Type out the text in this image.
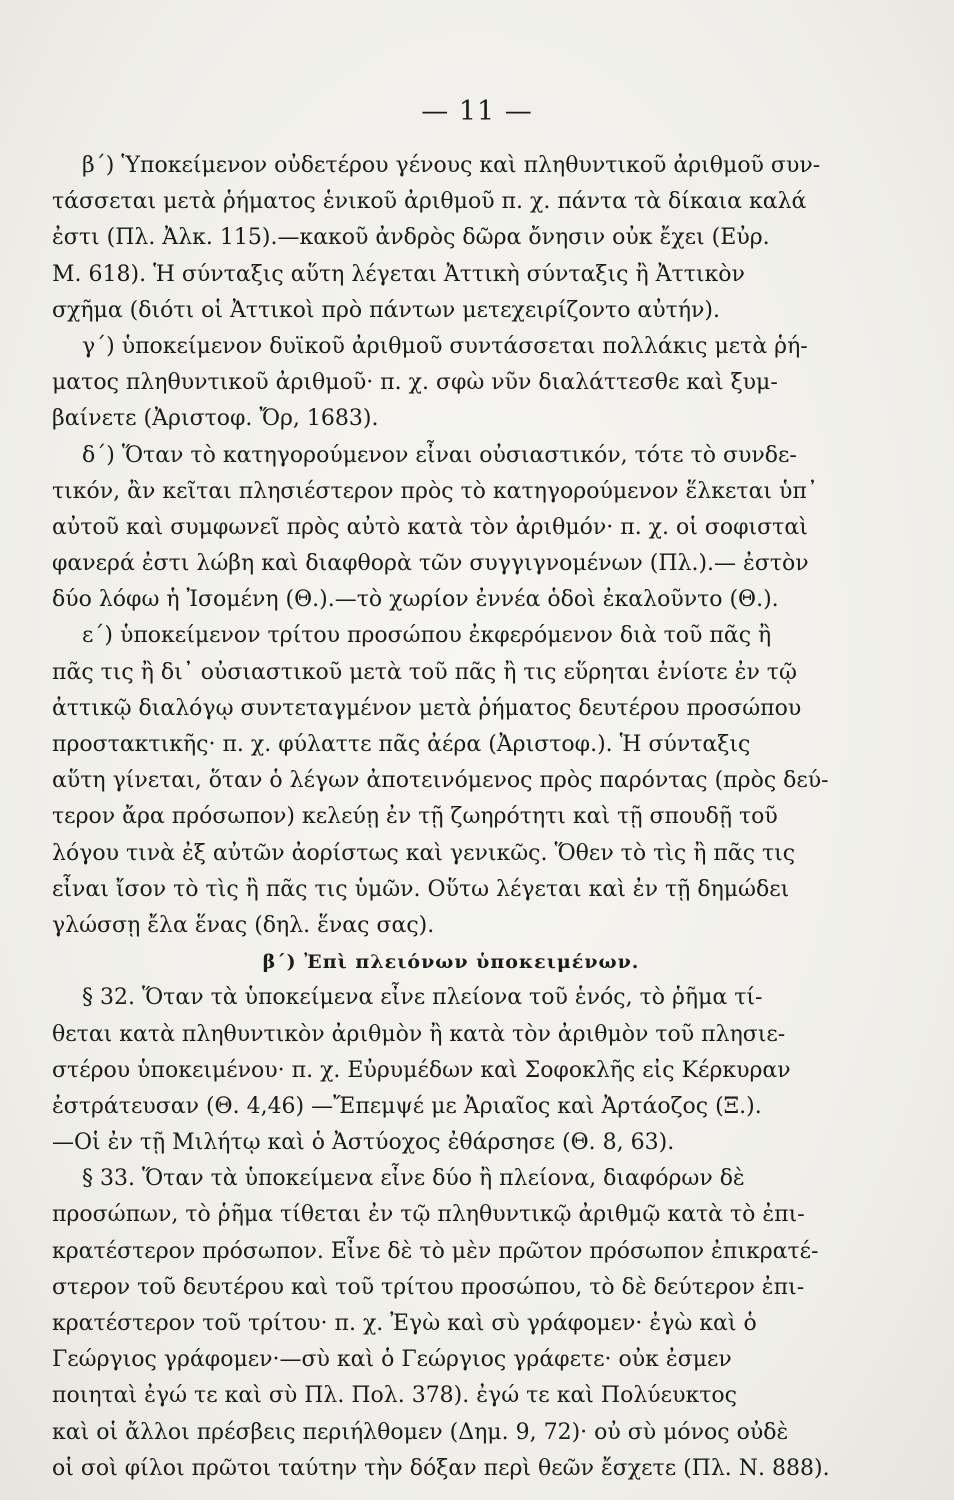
— 11 —
β΄) Ὑποκείμενον οὐδετέρου γένους καὶ πληθυντικοῦ ἀριθμοῦ συν-
τάσσεται μετὰ ῥήματος ἑνικοῦ ἀριθμοῦ π. χ. πάντα τὰ δίκαια καλά
ἐστι (Πλ. Ἀλκ. 115).—κακοῦ ἀνδρὸς δῶρα ὄνησιν οὐκ ἔχει (Εὐρ.
Μ. 618). Ἡ σύνταξις αὕτη λέγεται Ἀττικὴ σύνταξις ἢ Ἀττικὸν
σχῆμα (διότι οἱ Ἀττικοὶ πρὸ πάντων μετεχειρίζοντο αὐτήν).
γ΄) ὑποκείμενον δυϊκοῦ ἀριθμοῦ συντάσσεται πολλάκις μετὰ ῥή-
ματος πληθυντικοῦ ἀριθμοῦ· π. χ. σφὼ νῦν διαλάττεσθε καὶ ξυμ-
βαίνετε (Ἀριστοφ. Ὄρ, 1683).
δ΄) Ὅταν τὸ κατηγορούμενον εἶναι οὐσιαστικόν, τότε τὸ συνδε-
τικόν, ἂν κεῖται πλησιέστερον πρὸς τὸ κατηγορούμενον ἕλκεται ὑπ᾽
αὐτοῦ καὶ συμφωνεῖ πρὸς αὐτὸ κατὰ τὸν ἀριθμόν· π. χ. οἱ σοφισταὶ
φανερά ἐστι λώβη καὶ διαφθορὰ τῶν συγγιγνομένων (Πλ.).— ἐστὸν
δύο λόφω ἡ Ἰσομένη (Θ.).—τὸ χωρίον ἐννέα ὁδοὶ ἐκαλοῦντο (Θ.).
ε΄) ὑποκείμενον τρίτου προσώπου ἐκφερόμενον διὰ τοῦ πᾶς ἢ
πᾶς τις ἢ δι᾽ οὐσιαστικοῦ μετὰ τοῦ πᾶς ἢ τις εὕρηται ἐνίοτε ἐν τῷ
ἀττικῷ διαλόγῳ συντεταγμένον μετὰ ῥήματος δευτέρου προσώπου
προστακτικῆς· π. χ. φύλαττε πᾶς ἀέρα (Ἀριστοφ.). Ἡ σύνταξις
αὕτη γίνεται, ὅταν ὁ λέγων ἀποτεινόμενος πρὸς παρόντας (πρὸς δεύ-
τερον ἄρα πρόσωπον) κελεύῃ ἐν τῇ ζωηρότητι καὶ τῇ σπουδῇ τοῦ
λόγου τινὰ ἐξ αὐτῶν ἀορίστως καὶ γενικῶς. Ὅθεν τὸ τὶς ἢ πᾶς τις
εἶναι ἴσον τὸ τὶς ἢ πᾶς τις ὑμῶν. Οὕτω λέγεται καὶ ἐν τῇ δημώδει
γλώσσῃ ἔλα ἕνας (δηλ. ἕνας σας).
β΄) Ἐπὶ πλειόνων ὑποκειμένων.
§ 32. Ὅταν τὰ ὑποκείμενα εἶνε πλείονα τοῦ ἑνός, τὸ ῥῆμα τί-
θεται κατὰ πληθυντικὸν ἀριθμὸν ἢ κατὰ τὸν ἀριθμὸν τοῦ πλησιε-
στέρου ὑποκειμένου· π. χ. Εὐρυμέδων καὶ Σοφοκλῆς εἰς Κέρκυραν
ἐστράτευσαν (Θ. 4,46) —Ἔπεμψέ με Ἀριαῖος καὶ Ἀρτάοζος (Ξ.).
—Οἱ ἐν τῇ Μιλήτῳ καὶ ὁ Ἀστύοχος ἐθάρσησε (Θ. 8, 63).
§ 33. Ὅταν τὰ ὑποκείμενα εἶνε δύο ἢ πλείονα, διαφόρων δὲ
προσώπων, τὸ ῥῆμα τίθεται ἐν τῷ πληθυντικῷ ἀριθμῷ κατὰ τὸ ἐπι-
κρατέστερον πρόσωπον. Εἶνε δὲ τὸ μὲν πρῶτον πρόσωπον ἐπικρατέ-
στερον τοῦ δευτέρου καὶ τοῦ τρίτου προσώπου, τὸ δὲ δεύτερον ἐπι-
κρατέστερον τοῦ τρίτου· π. χ. Ἐγὼ καὶ σὺ γράφομεν· ἐγὼ καὶ ὁ
Γεώργιος γράφομεν·—σὺ καὶ ὁ Γεώργιος γράφετε· οὐκ ἐσμεν
ποιηταὶ ἐγώ τε καὶ σὺ Πλ. Πολ. 378). ἐγώ τε καὶ Πολύευκτος
καὶ οἱ ἄλλοι πρέσβεις περιήλθομεν (Δημ. 9, 72)· οὐ σὺ μόνος οὐδὲ
οἱ σοὶ φίλοι πρῶτοι ταύτην τὴν δόξαν περὶ θεῶν ἔσχετε (Πλ. Ν. 888).
